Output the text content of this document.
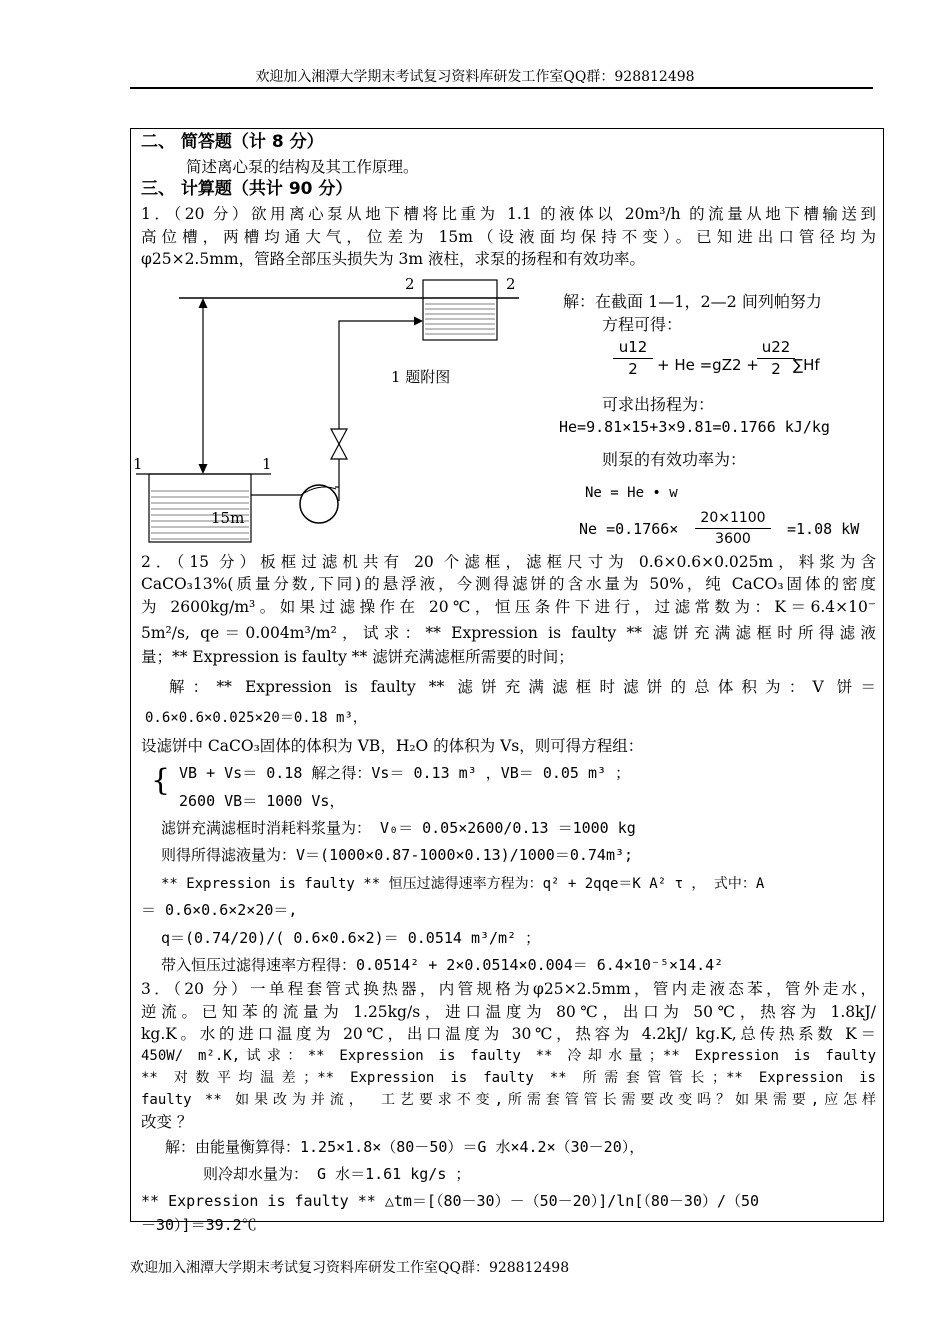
欢迎加入湘潭大学期末考试复习资料库研发工作室QQ群：928812498
二、 简答题（计 8 分）
简述离心泵的结构及其工作原理。
三、 计算题（共计 90 分）
1．（20 分）欲用离心泵从地下槽将比重为 1.1 的液体以 20m³/h 的流量从地下槽输送到
高位槽，两槽均通大气，位差为 15m（设液面均保持不变）。已知进出口管径均为
φ25×2.5mm，管路全部压头损失为 3m 液柱，求泵的扬程和有效功率。
1	1
2	2
1 题附图
15m
解：在截面 1—1，2—2 间列帕努力
方程可得：
$\frac{u12}{2} + He =gZ2$ +
$\frac{u22}{2}$
∑Hf
可求出扬程为：
He=9.81×15+3×9.81=0.1766 kJ/kg
则泵的有效功率为：
Ne = He • w
$Ne =0.1766\times \frac{20\times 1100}{3600} =1.08$ kW
2．（15 分）板框过滤机共有 20 个滤框，滤框尺寸为 0.6×0.6×0.025m，料浆为含
CaCO₃13%(质量分数,下同)的悬浮液，今测得滤饼的含水量为 50%，纯 CaCO₃固体的密度
为 2600kg/m³。如果过滤操作在 20℃，恒压条件下进行，过滤常数为：K＝6.4×10⁻
5m²/s, qe＝0.004m³/m²，试求：** Expression is faulty ** 滤饼充满滤框时所得滤液
量；** Expression is faulty ** 滤饼充满滤框所需要的时间；
解：** Expression is faulty ** 滤饼充满滤框时滤饼的总体积为：V 饼＝
0.6×0.6×0.025×20＝0.18 m³，
设滤饼中 CaCO₃固体的体积为 VB，H₂O 的体积为 Vs，则可得方程组：
{ VB + Vs＝ 0.18 解之得：Vs＝ 0.13 m³ ，VB＝ 0.05 m³ ；
2600 VB＝ 1000 Vs，
滤饼充满滤框时消耗料浆量为： V₀＝ 0.05×2600/0.13 ＝1000 kg
则得所得滤液量为：V＝(1000×0.87-1000×0.13)/1000＝0.74m³;
** Expression is faulty ** 恒压过滤得速率方程为：q² + 2qqe＝K A² τ ， 式中：A
＝ 0.6×0.6×2×20＝,
q＝(0.74/20)/( 0.6×0.6×2)＝ 0.0514 m³/m² ；
带入恒压过滤得速率方程得：0.0514² + 2×0.0514×0.004＝ 6.4×10⁻⁵×14.4²
3．（20 分）一单程套管式换热器，内管规格为φ25×2.5mm，管内走液态苯，管外走水，
逆流。已知苯的流量为 1.25kg/s，进口温度为 80℃，出口为 50℃，热容为 1.8kJ/
kg.K。水的进口温度为 20℃，出口温度为 30℃，热容为 4.2kJ/ kg.K,总传热系数 K＝
450W/ m².K,试求：** Expression is faulty ** 冷却水量；** Expression is faulty
** 对数平均温差；** Expression is faulty ** 所需套管管长；** Expression is
faulty ** 如果改为并流， 工艺要求不变,所需套管管长需要改变吗？如果需要,应怎样
改变 ？
解：由能量衡算得：1.25×1.8×（80－50）＝G 水×4.2×（30－20），
则冷却水量为： G 水＝1.61 kg/s ；
** Expression is faulty ** △tm＝[（80－30）－（50－20）]/ln[（80－30）/（50
－30）]＝39.2℃
欢迎加入湘潭大学期末考试复习资料库研发工作室QQ群：928812498
